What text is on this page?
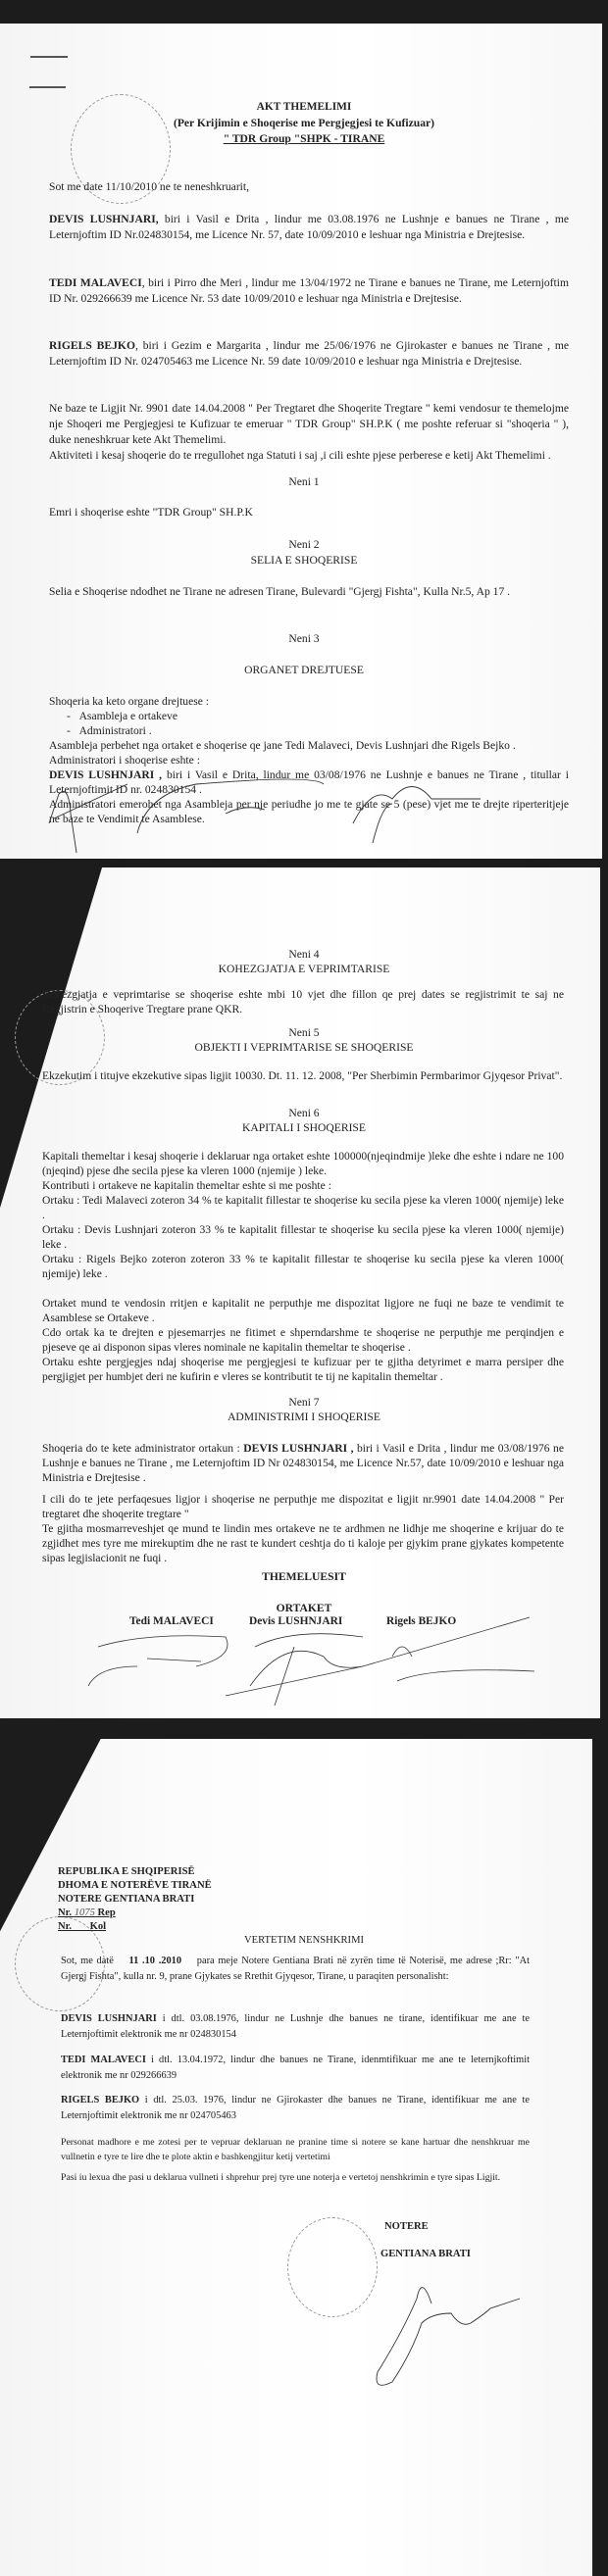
AKT THEMELIMI
(Per Krijimin e Shoqerise me Pergjegjesi te Kufizuar)
" TDR Group "SHPK - TIRANE
Sot me date 11/10/2010 ne te neneshkruarit,
DEVIS LUSHNJARI, biri i Vasil e Drita , lindur me 03.08.1976 ne Lushnje e banues ne Tirane , me Leternjoftim ID Nr.024830154, me Licence Nr. 57, date 10/09/2010 e leshuar nga Ministria e Drejtesise.
TEDI MALAVECI, biri i Pirro dhe Meri , lindur me 13/04/1972 ne Tirane e banues ne Tirane, me Leternjoftim ID Nr. 029266639 me Licence Nr. 53 date 10/09/2010 e leshuar nga Ministria e Drejtesise.
RIGELS BEJKO, biri i Gezim e Margarita , lindur me 25/06/1976 ne Gjirokaster e banues ne Tirane , me Leternjoftim ID Nr. 024705463 me Licence Nr. 59 date 10/09/2010 e leshuar nga Ministria e Drejtesise.
Ne baze te Ligjit Nr. 9901 date 14.04.2008 " Per Tregtaret dhe Shoqerite Tregtare " kemi vendosur te themelojme nje Shoqeri me Pergjegjesi te Kufizuar te emeruar " TDR Group" SH.P.K ( me poshte referuar si "shoqeria " ), duke neneshkruar kete Akt Themelimi.
Aktiviteti i kesaj shoqerie do te rregullohet nga Statuti i saj ,i cili eshte pjese perberese e ketij Akt Themelimi .
Neni 1
Emri i shoqerise eshte "TDR Group" SH.P.K
Neni 2
SELIA E SHOQERISE
Selia e Shoqerise ndodhet ne Tirane ne adresen Tirane, Bulevardi "Gjergj Fishta", Kulla Nr.5, Ap 17 .
Neni 3
ORGANET DREJTUESE
Shoqeria ka keto organe drejtuese :
-   Asambleja e ortakeve
-   Administratori .
Asambleja perbehet nga ortaket e shoqerise qe jane Tedi Malaveci, Devis Lushnjari dhe Rigels Bejko .
Administratori i shoqerise eshte :
DEVIS LUSHNJARI , biri i Vasil e Drita, lindur me 03/08/1976 ne Lushnje e banues ne Tirane , titullar i Leternjoftimit ID nr. 024830154 .
Administratori emerohet nga Asambleja per nje periudhe jo me te gjate se 5 (pese) vjet me te drejte riperteritjeje ne baze te Vendimit te Asamblese.
Neni 4
KOHEZGJATJA E VEPRIMTARISE
Kohezgjatja e veprimtarise se shoqerise eshte mbi 10 vjet dhe fillon qe prej dates se regjistrimit te saj ne Regjistrin e Shoqerive Tregtare prane QKR.
Neni 5
OBJEKTI I VEPRIMTARISE SE SHOQERISE
Ekzekutim i titujve ekzekutive sipas ligjit 10030. Dt. 11. 12. 2008, "Per Sherbimin Permbarimor Gjyqesor Privat".
Neni 6
KAPITALI I SHOQERISE
Kapitali themeltar i kesaj shoqerie i deklaruar nga ortaket eshte 100000(njeqindmije )leke dhe eshte i ndare ne 100 (njeqind) pjese dhe secila pjese ka vleren 1000 (njemije ) leke.
Kontributi i ortakeve ne kapitalin themeltar eshte si me poshte :
Ortaku : Tedi Malaveci zoteron 34 % te kapitalit fillestar te shoqerise ku secila pjese ka vleren 1000( njemije) leke .
Ortaku : Devis Lushnjari zoteron 33 % te kapitalit fillestar te shoqerise ku secila pjese ka vleren 1000( njemije) leke .
Ortaku : Rigels Bejko zoteron zoteron 33 % te kapitalit fillestar te shoqerise ku secila pjese ka vleren 1000( njemije) leke .
Ortaket mund te vendosin rritjen e kapitalit ne perputhje me dispozitat ligjore ne fuqi ne baze te vendimit te Asamblese se Ortakeve .
Cdo ortak ka te drejten e pjesemarrjes ne fitimet e shperndarshme te shoqerise ne perputhje me perqindjen e pjeseve qe ai disponon sipas vleres nominale ne kapitalin themeltar te shoqerise .
Ortaku eshte pergjegjes ndaj shoqerise me pergjegjesi te kufizuar per te gjitha detyrimet e marra persiper dhe pergjigjet per humbjet deri ne kufirin e vleres se kontributit te tij ne kapitalin themeltar .
Neni 7
ADMINISTRIMI I SHOQERISE
Shoqeria do te kete administrator ortakun : DEVIS LUSHNJARI , biri i Vasil e Drita , lindur me 03/08/1976 ne Lushnje e banues ne Tirane , me Leternjoftim ID Nr 024830154, me Licence Nr.57, date 10/09/2010 e leshuar nga Ministria e Drejtesise .
I cili do te jete perfaqesues ligjor i shoqerise ne perputhje me dispozitat e ligjit nr.9901 date 14.04.2008 " Per tregtaret dhe shoqerite tregtare "
Te gjitha mosmarreveshjet qe mund te lindin mes ortakeve ne te ardhmen ne lidhje me shoqerine e krijuar do te zgjidhet mes tyre me mirekuptim dhe ne rast te kundert ceshtja do ti kaloje per gjykim prane gjykates kompetente sipas legjislacionit ne fuqi .
THEMELUESIT
ORTAKET
Tedi MALAVECI	Devis LUSHNJARI	Rigels BEJKO
REPUBLIKA E SHQIPERISË
DHOMA E NOTERËVE TIRANË
NOTERE GENTIANA BRATI
Nr. 1075 Rep
Nr. Kol
VERTETIM NENSHKRIMI
Sot, me datë 11 .10 .2010 para meje Notere Gentiana Brati në zyrën time të Noterisë, me adrese ;Rr: "At Gjergj Fishta", kulla nr. 9, prane Gjykates se Rrethit Gjyqesor, Tirane, u paraqiten personalisht:
DEVIS LUSHNJARI i dtl. 03.08.1976, lindur ne Lushnje dhe banues ne tirane, identifikuar me ane te Leternjoftimit elektronik me nr 024830154
TEDI MALAVECI i dtl. 13.04.1972, lindur dhe banues ne Tirane, idenmtifikuar me ane te leternjkoftimit elektronik me nr 029266639
RIGELS BEJKO i dtl. 25.03. 1976, lindur ne Gjirokaster dhe banues ne Tirane, identifikuar me ane te Leternjoftimit elektronik me nr 024705463
Personat madhore e me zotesi per te vepruar deklaruan ne pranine time si notere se kane hartuar dhe nenshkruar me vullnetin e tyre te lire dhe te plote aktin e bashkengjitur ketij vertetimi
Pasi iu lexua dhe pasi u deklarua vullneti i shprehur prej tyre une noterja e vertetoj nenshkrimin e tyre sipas Ligjit.
NOTERE
GENTIANA BRATI
